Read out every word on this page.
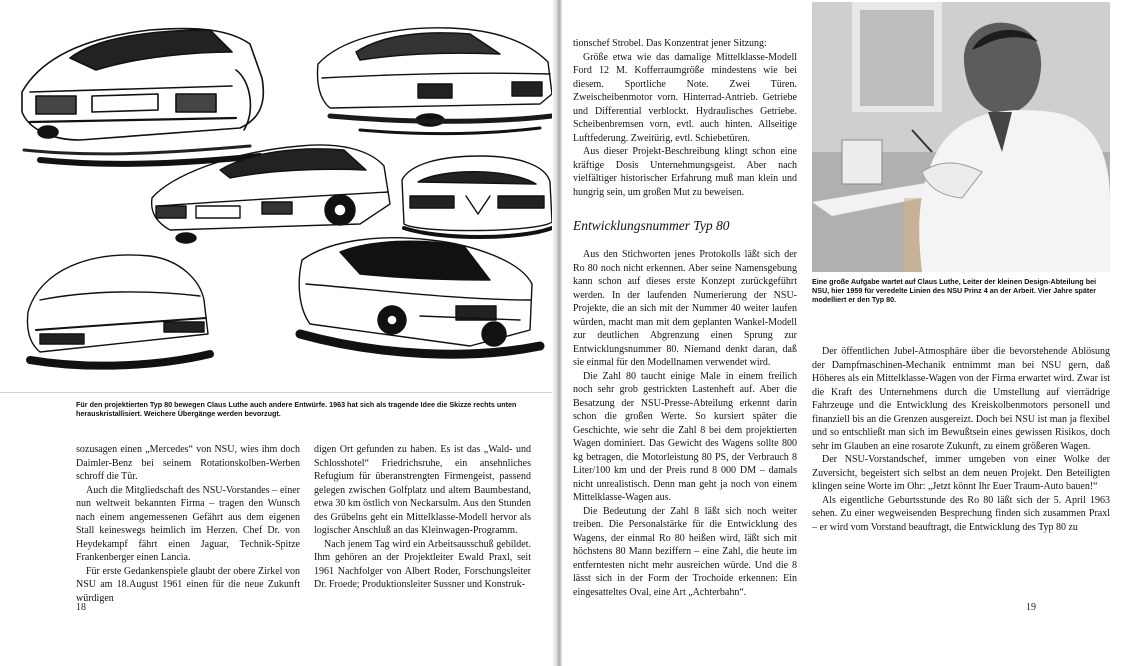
Für den projektierten Typ 80 bewegen Claus Luthe auch andere Entwürfe. 1963 hat sich als tragende Idee die Skizze rechts unten herauskristallisiert. Weichere Übergänge werden bevorzugt.

sozusagen einen „Mercedes“ von NSU, wies ihm doch Daimler-Benz bei seinem Rotationskolben-Werben schroff die Tür.

Auch die Mitgliedschaft des NSU-Vorstandes – einer nun weltweit bekannten Firma – tragen den Wunsch nach einem angemessenen Gefährt aus dem eigenen Stall keineswegs heimlich im Herzen. Chef Dr. von Heydekampf fährt einen Jaguar, Technik-Spitze Frankenberger einen Lancia.

Für erste Gedankenspiele glaubt der obere Zirkel von NSU am 18.August 1961 einen für die neue Zukunft würdigen

digen Ort gefunden zu haben. Es ist das „Wald- und Schlosshotel“ Friedrichsruhe, ein ansehnliches Refugium für überanstrengten Firmengeist, passend gelegen zwischen Golfplatz und altem Baumbestand, etwa 30 km östlich von Neckarsulm. Aus den Stunden des Grübelns geht ein Mittelklasse-Modell hervor als logischer Anschluß an das Kleinwagen-Programm.

Nach jenem Tag wird ein Arbeitsausschuß gebildet. Ihm gehören an der Projektleiter Ewald Praxl, seit 1961 Nachfolger von Albert Roder, Forschungsleiter Dr. Froede; Produktionsleiter Sussner und Konstruk-

18

tionschef Strobel. Das Konzentrat jener Sitzung:

Größe etwa wie das damalige Mittelklasse-Modell Ford 12 M. Kofferraumgröße mindestens wie bei diesem. Sportliche Note. Zwei Türen. Zweischeibenmotor vorn. Hinterrad-Antrieb. Getriebe und Differential verblockt. Hydraulisches Getriebe. Scheibenbremsen vorn, evtl. auch hinten. Allseitige Luftfederung. Zweitürig, evtl. Schiebetüren.

Aus dieser Projekt-Beschreibung klingt schon eine kräftige Dosis Unternehmungsgeist. Aber nach vielfältiger historischer Erfahrung muß man klein und hungrig sein, um großen Mut zu beweisen.

Entwicklungsnummer Typ 80

Aus den Stichworten jenes Protokolls läßt sich der Ro 80 noch nicht erkennen. Aber seine Namensgebung kann schon auf dieses erste Konzept zurückgeführt werden. In der laufenden Numerierung der NSU-Projekte, die an sich mit der Nummer 40 weiter laufen würden, macht man mit dem geplanten Wankel-Modell zur deutlichen Abgrenzung einen Sprung zur Entwicklungsnummer 80. Niemand denkt daran, daß sie einmal für den Modellnamen verwendet wird.

Die Zahl 80 taucht einige Male in einem freilich noch sehr grob gestrickten Lastenheft auf. Aber die Besatzung der NSU-Presse-Abteilung erkennt darin schon die großen Werte. So kursiert später die Geschichte, wie sehr die Zahl 8 bei dem projektierten Wagen dominiert. Das Gewicht des Wagens sollte 800 kg betragen, die Motorleistung 80 PS, der Verbrauch 8 Liter/100 km und der Preis rund 8 000 DM – damals nicht unrealistisch. Denn man geht ja noch von einem Mittelklasse-Wagen aus.

Die Bedeutung der Zahl 8 läßt sich noch weiter treiben. Die Personalstärke für die Entwicklung des Wagens, der einmal Ro 80 heißen wird, läßt sich mit höchstens 80 Mann beziffern – eine Zahl, die heute im entferntesten nicht mehr ausreichen würde. Und die 8 lässt sich in der Form der Trochoide erkennen: Ein eingesatteltes Oval, eine Art „Achterbahn“.

Eine große Aufgabe wartet auf Claus Luthe, Leiter der kleinen Design-Abteilung bei NSU, hier 1959 für veredelte Linien des NSU Prinz 4 an der Arbeit. Vier Jahre später modelliert er den Typ 80.

Der öffentlichen Jubel-Atmosphäre über die bevorstehende Ablösung der Dampfmaschinen-Mechanik entnimmt man bei NSU gern, daß Höheres als ein Mittelklasse-Wagen von der Firma erwartet wird. Zwar ist die Kraft des Unternehmens durch die Umstellung auf vierrädrige Fahrzeuge und die Entwicklung des Kreiskolbenmotors personell und finanziell bis an die Grenzen ausgereizt. Doch bei NSU ist man ja flexibel und so entschließt man sich im Bewußtsein eines gewissen Risikos, doch sehr im Glauben an eine rosarote Zukunft, zu einem größeren Wagen.

Der NSU-Vorstandschef, immer umgeben von einer Wolke der Zuversicht, begeistert sich selbst an dem neuen Projekt. Den Beteiligten klingen seine Worte im Ohr: „Jetzt könnt Ihr Euer Traum-Auto bauen!“

Als eigentliche Geburtsstunde des Ro 80 läßt sich der 5. April 1963 sehen. Zu einer wegweisenden Besprechung finden sich zusammen Praxl – er wird vom Vorstand beauftragt, die Entwicklung des Typ 80 zu

19
